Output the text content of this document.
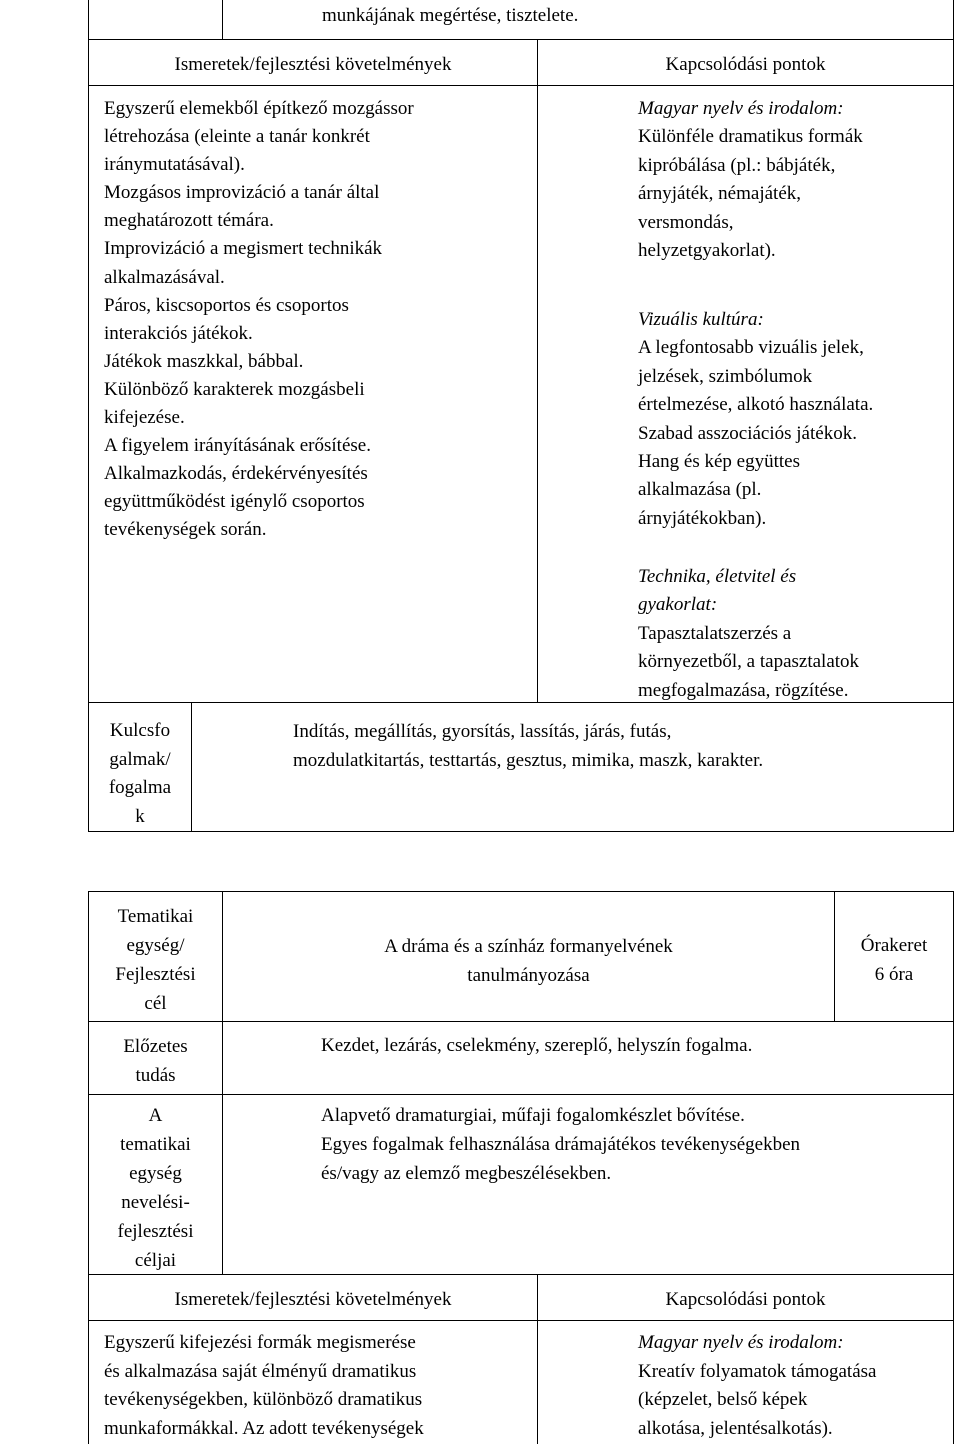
munkájának megértése, tisztelete.
Ismeretek/fejlesztési követelmények	Kapcsolódási pontok
Egyszerű elemekből építkező mozgássor
létrehozása (eleinte a tanár konkrét
iránymutatásával).
Mozgásos improvizáció a tanár által
meghatározott témára.
Improvizáció a megismert technikák
alkalmazásával.
Páros, kiscsoportos és csoportos
interakciós játékok.
Játékok maszkkal, bábbal.
Különböző karakterek mozgásbeli
kifejezése.
A figyelem irányításának erősítése.
Alkalmazkodás, érdekérvényesítés
együttműködést igénylő csoportos
tevékenységek során.
Magyar nyelv és irodalom:
Különféle dramatikus formák
kipróbálása (pl.: bábjáték,
árnyjáték, némajáték,
versmondás,
helyzetgyakorlat).
Vizuális kultúra:
A legfontosabb vizuális jelek,
jelzések, szimbólumok
értelmezése, alkotó használata.
Szabad asszociációs játékok.
Hang és kép együttes
alkalmazása (pl.
árnyjátékokban).
Technika, életvitel és
gyakorlat:
Tapasztalatszerzés a
környezetből, a tapasztalatok
megfogalmazása, rögzítése.
Kulcsfo
galmak/
fogalma
k
Indítás, megállítás, gyorsítás, lassítás, járás, futás,
mozdulatkitartás, testtartás, gesztus, mimika, maszk, karakter.
Tematikai
egység/
Fejlesztési
cél
A dráma és a színház formanyelvének
tanulmányozása
Órakeret
6 óra
Előzetes
tudás
Kezdet, lezárás, cselekmény, szereplő, helyszín fogalma.
A
tematikai
egység
nevelési-
fejlesztési
céljai
Alapvető dramaturgiai, műfaji fogalomkészlet bővítése.
Egyes fogalmak felhasználása drámajátékos tevékenységekben
és/vagy az elemző megbeszélésekben.
Ismeretek/fejlesztési követelmények	Kapcsolódási pontok
Egyszerű kifejezési formák megismerése
és alkalmazása saját élményű dramatikus
tevékenységekben, különböző dramatikus
munkaformákkal. Az adott tevékenységek
Magyar nyelv és irodalom:
Kreatív folyamatok támogatása
(képzelet, belső képek
alkotása, jelentésalkotás).
